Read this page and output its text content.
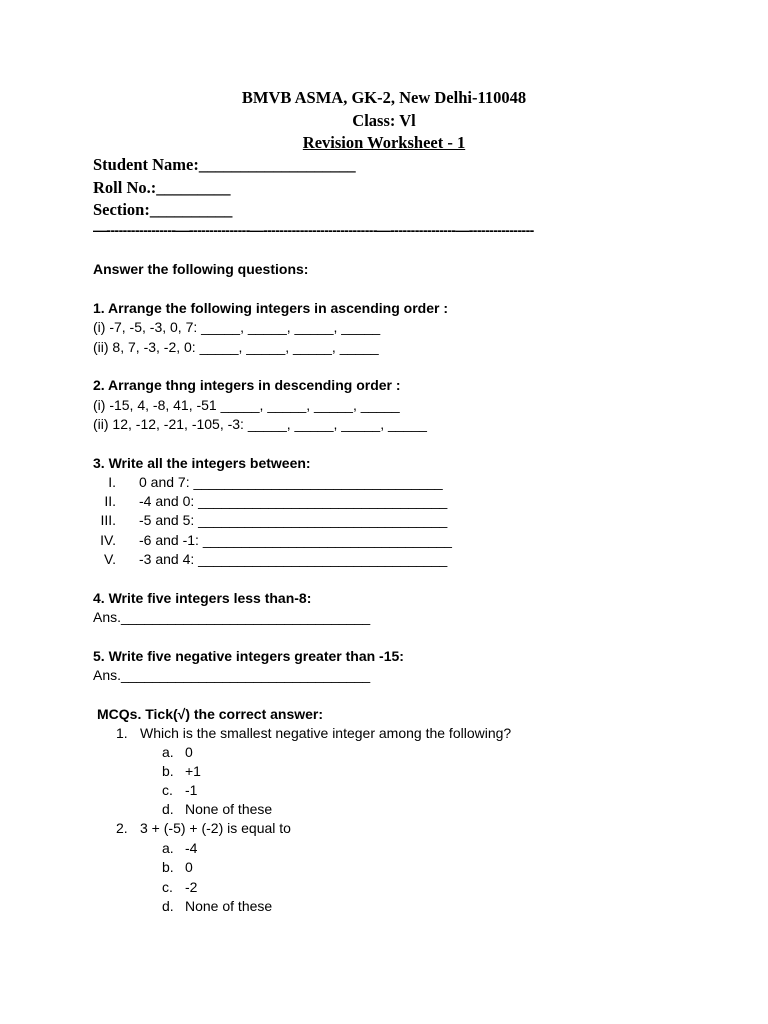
BMVB ASMA, GK-2, New Delhi-110048
Class: Vl
Revision Worksheet - 1
Student Name:___________________
Roll No.:_________
Section:__________
—-----------------—---------------—----------------------------—----------------—----------------
Answer the following questions:
1. Arrange the following integers in ascending order :
(i) -7, -5, -3, 0, 7: _____, _____, _____, _____
(ii) 8, 7, -3, -2, 0: _____, _____, _____, _____
2. Arrange thng integers in descending order :
(i) -15, 4, -8, 41, -51 _____, _____, _____, _____
(ii) 12, -12, -21, -105, -3: _____, _____, _____, _____
3. Write all the integers between:
I. 0 and 7: ________________________________
II. -4 and 0: ________________________________
III. -5 and 5: ________________________________
IV. -6 and -1: ________________________________
V. -3 and 4: ________________________________
4. Write five integers less than-8:
Ans.________________________________
5. Write five negative integers greater than -15:
Ans.________________________________
MCQs. Tick(√) the correct answer:
1. Which is the smallest negative integer among the following?
a. 0
b. +1
c. -1
d. None of these
2. 3 + (-5) + (-2) is equal to
a. -4
b. 0
c. -2
d. None of these
